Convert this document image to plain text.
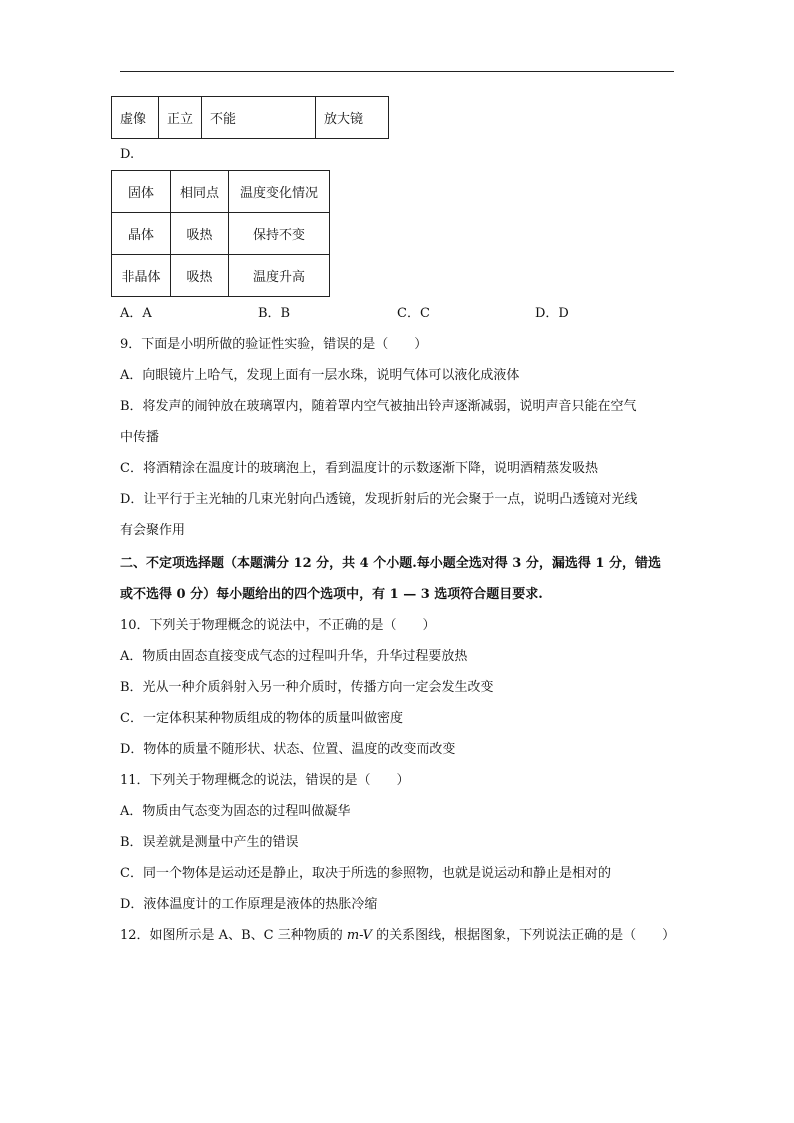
虚像	正立	不能	放大镜
D.
固体	相同点	温度变化情况
晶体	吸热	保持不变
非晶体	吸热	温度升高
A．A	B．B	C．C	D．D
9．下面是小明所做的验证性实验，错误的是（　　）
A．向眼镜片上哈气，发现上面有一层水珠，说明气体可以液化成液体
B．将发声的闹钟放在玻璃罩内，随着罩内空气被抽出铃声逐渐减弱，说明声音只能在空气
中传播
C．将酒精涂在温度计的玻璃泡上，看到温度计的示数逐渐下降，说明酒精蒸发吸热
D．让平行于主光轴的几束光射向凸透镜，发现折射后的光会聚于一点，说明凸透镜对光线
有会聚作用
二、不定项选择题（本题满分 12 分，共 4 个小题.每小题全选对得 3 分，漏选得 1 分，错选
或不选得 0 分）每小题给出的四个选项中，有 1 — 3 选项符合题目要求.
10．下列关于物理概念的说法中，不正确的是（　　）
A．物质由固态直接变成气态的过程叫升华，升华过程要放热
B．光从一种介质斜射入另一种介质时，传播方向一定会发生改变
C．一定体积某种物质组成的物体的质量叫做密度
D．物体的质量不随形状、状态、位置、温度的改变而改变
11．下列关于物理概念的说法，错误的是（　　）
A．物质由气态变为固态的过程叫做凝华
B．误差就是测量中产生的错误
C．同一个物体是运动还是静止，取决于所选的参照物，也就是说运动和静止是相对的
D．液体温度计的工作原理是液体的热胀冷缩
12．如图所示是 A、B、C 三种物质的 m-V 的关系图线，根据图象，下列说法正确的是（　　）
